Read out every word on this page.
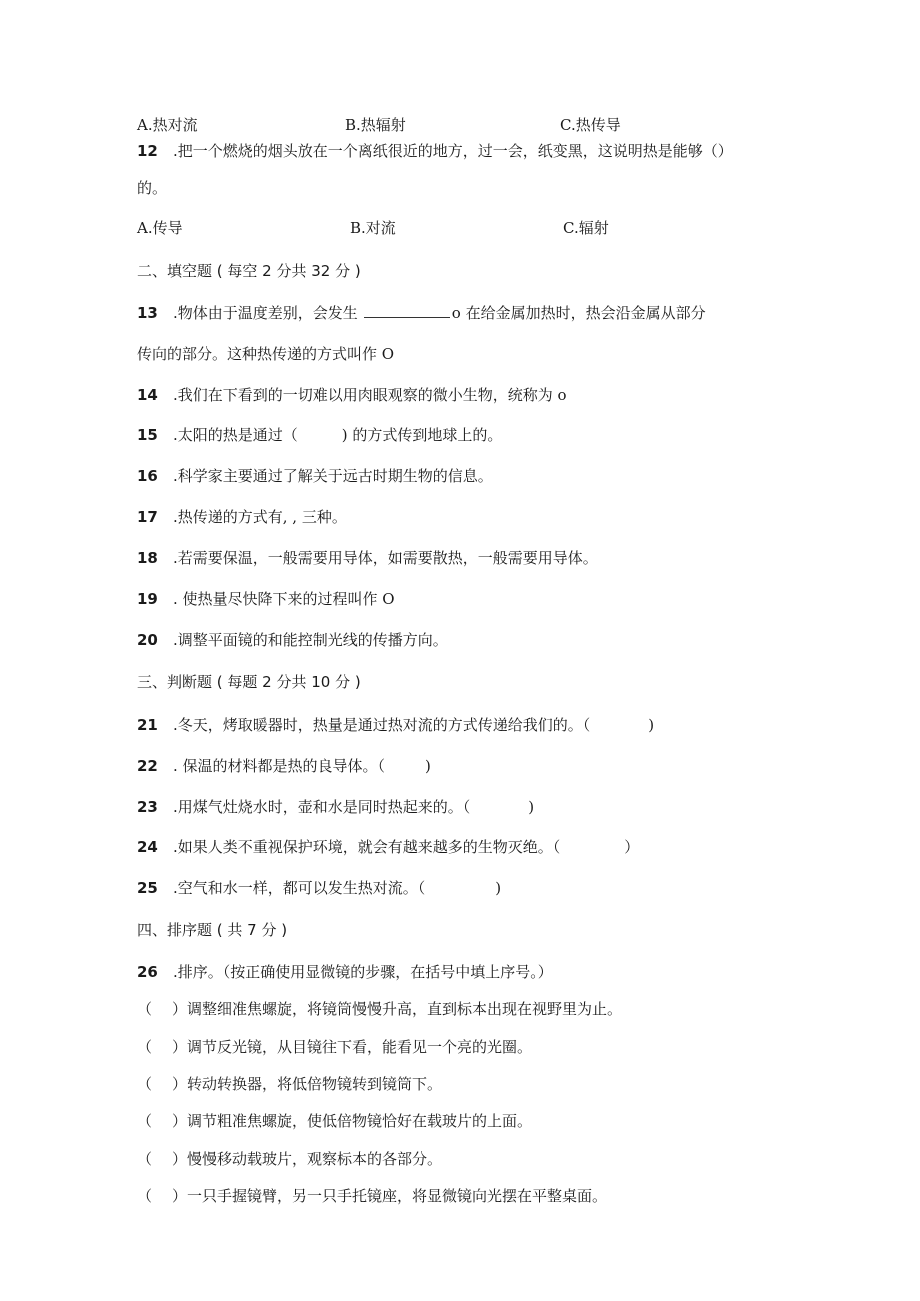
A.热对流	B.热辐射	C.热传导
12 .把一个燃烧的烟头放在一个离纸很近的地方，过一会，纸变黑，这说明热是能够（）
的。
A.传导	B.对流	C.辐射
二、填空题 ( 每空 2 分共 32 分 )
13 .物体由于温度差别，会发生	o 在给金属加热时，热会沿金属从部分
传向的部分。这种热传递的方式叫作 O
14 .我们在下看到的一切难以用肉眼观察的微小生物，统称为 o
15 .太阳的热是通过（	) 的方式传到地球上的。
16 .科学家主要通过了解关于远古时期生物的信息。
17 .热传递的方式有, , 三种。
18 .若需要保温，一般需要用导体，如需要散热，一般需要用导体。
19 . 使热量尽快降下来的过程叫作 O
20 .调整平面镜的和能控制光线的传播方向。
三、判断题 ( 每题 2 分共 10 分 )
21 .冬天，烤取暖器时，热量是通过热对流的方式传递给我们的。（	)
22 . 保温的材料都是热的良导体。（	)
23 .用煤气灶烧水时，壶和水是同时热起来的。（	)
24 .如果人类不重视保护环境，就会有越来越多的生物灭绝。（	）
25 .空气和水一样，都可以发生热对流。（	)
四、排序题 ( 共 7 分 )
26 .排序。（按正确使用显微镜的步骤，在括号中填上序号。）
（ ）调整细准焦螺旋，将镜筒慢慢升高，直到标本出现在视野里为止。
（ ）调节反光镜，从目镜往下看，能看见一个亮的光圈。
（ ）转动转换器，将低倍物镜转到镜筒下。
（ ）调节粗准焦螺旋，使低倍物镜恰好在载玻片的上面。
（ ）慢慢移动载玻片，观察标本的各部分。
（ ）一只手握镜臂，另一只手托镜座，将显微镜向光摆在平整桌面。
